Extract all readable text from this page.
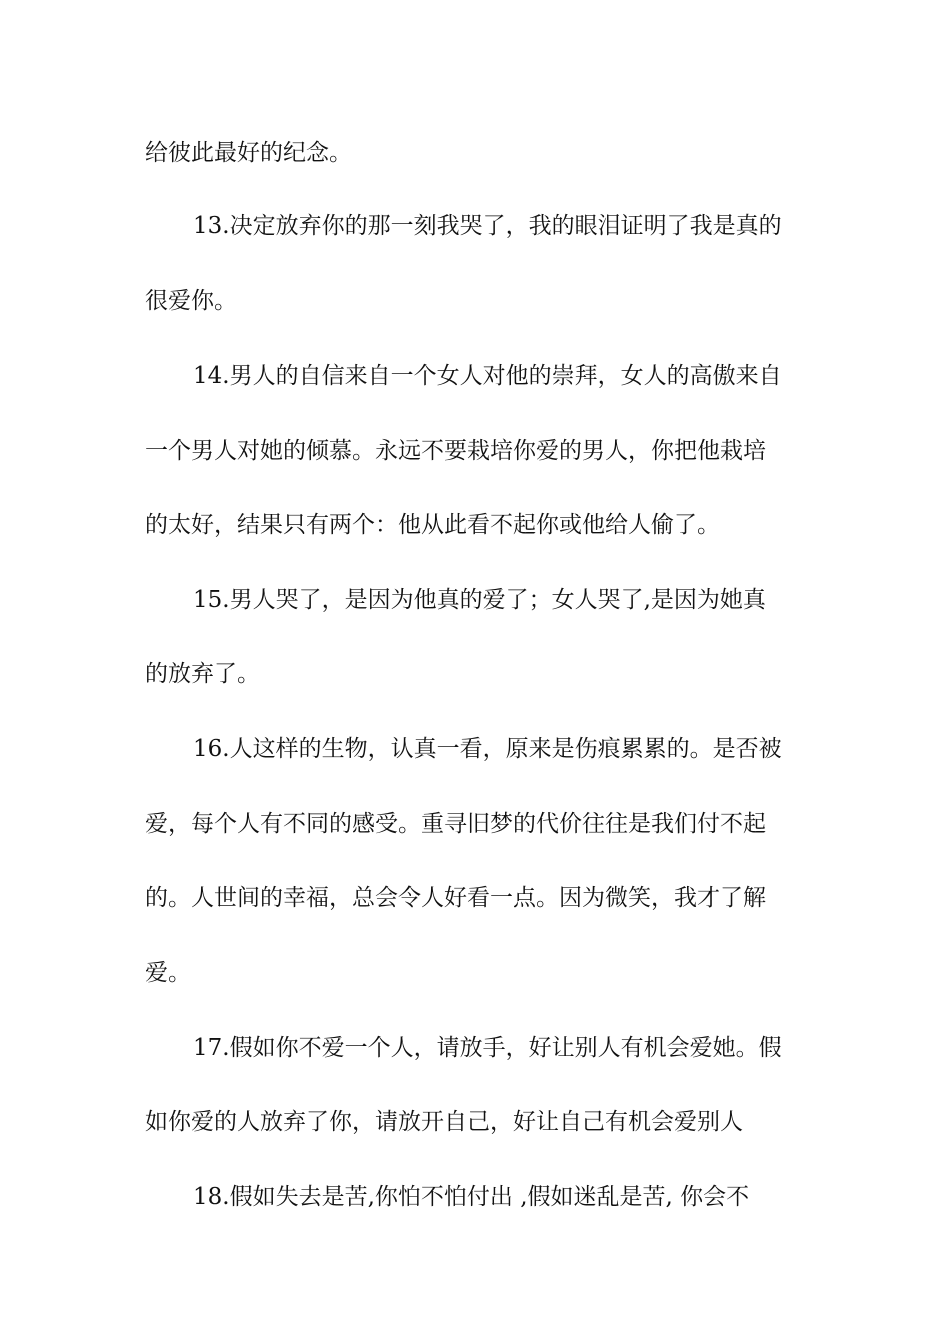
给彼此最好的纪念。
13.决定放弃你的那一刻我哭了，我的眼泪证明了我是真的
很爱你。
14.男人的自信来自一个女人对他的崇拜，女人的高傲来自
一个男人对她的倾慕。永远不要栽培你爱的男人，你把他栽培
的太好，结果只有两个：他从此看不起你或他给人偷了。
15.男人哭了，是因为他真的爱了；女人哭了,是因为她真
的放弃了。
16.人这样的生物，认真一看，原来是伤痕累累的。是否被
爱，每个人有不同的感受。重寻旧梦的代价往往是我们付不起
的。人世间的幸福，总会令人好看一点。因为微笑，我才了解
爱。
17.假如你不爱一个人，请放手，好让别人有机会爱她。假
如你爱的人放弃了你，请放开自己，好让自己有机会爱别人
18.假如失去是苦,你怕不怕付出 ,假如迷乱是苦, 你会不
